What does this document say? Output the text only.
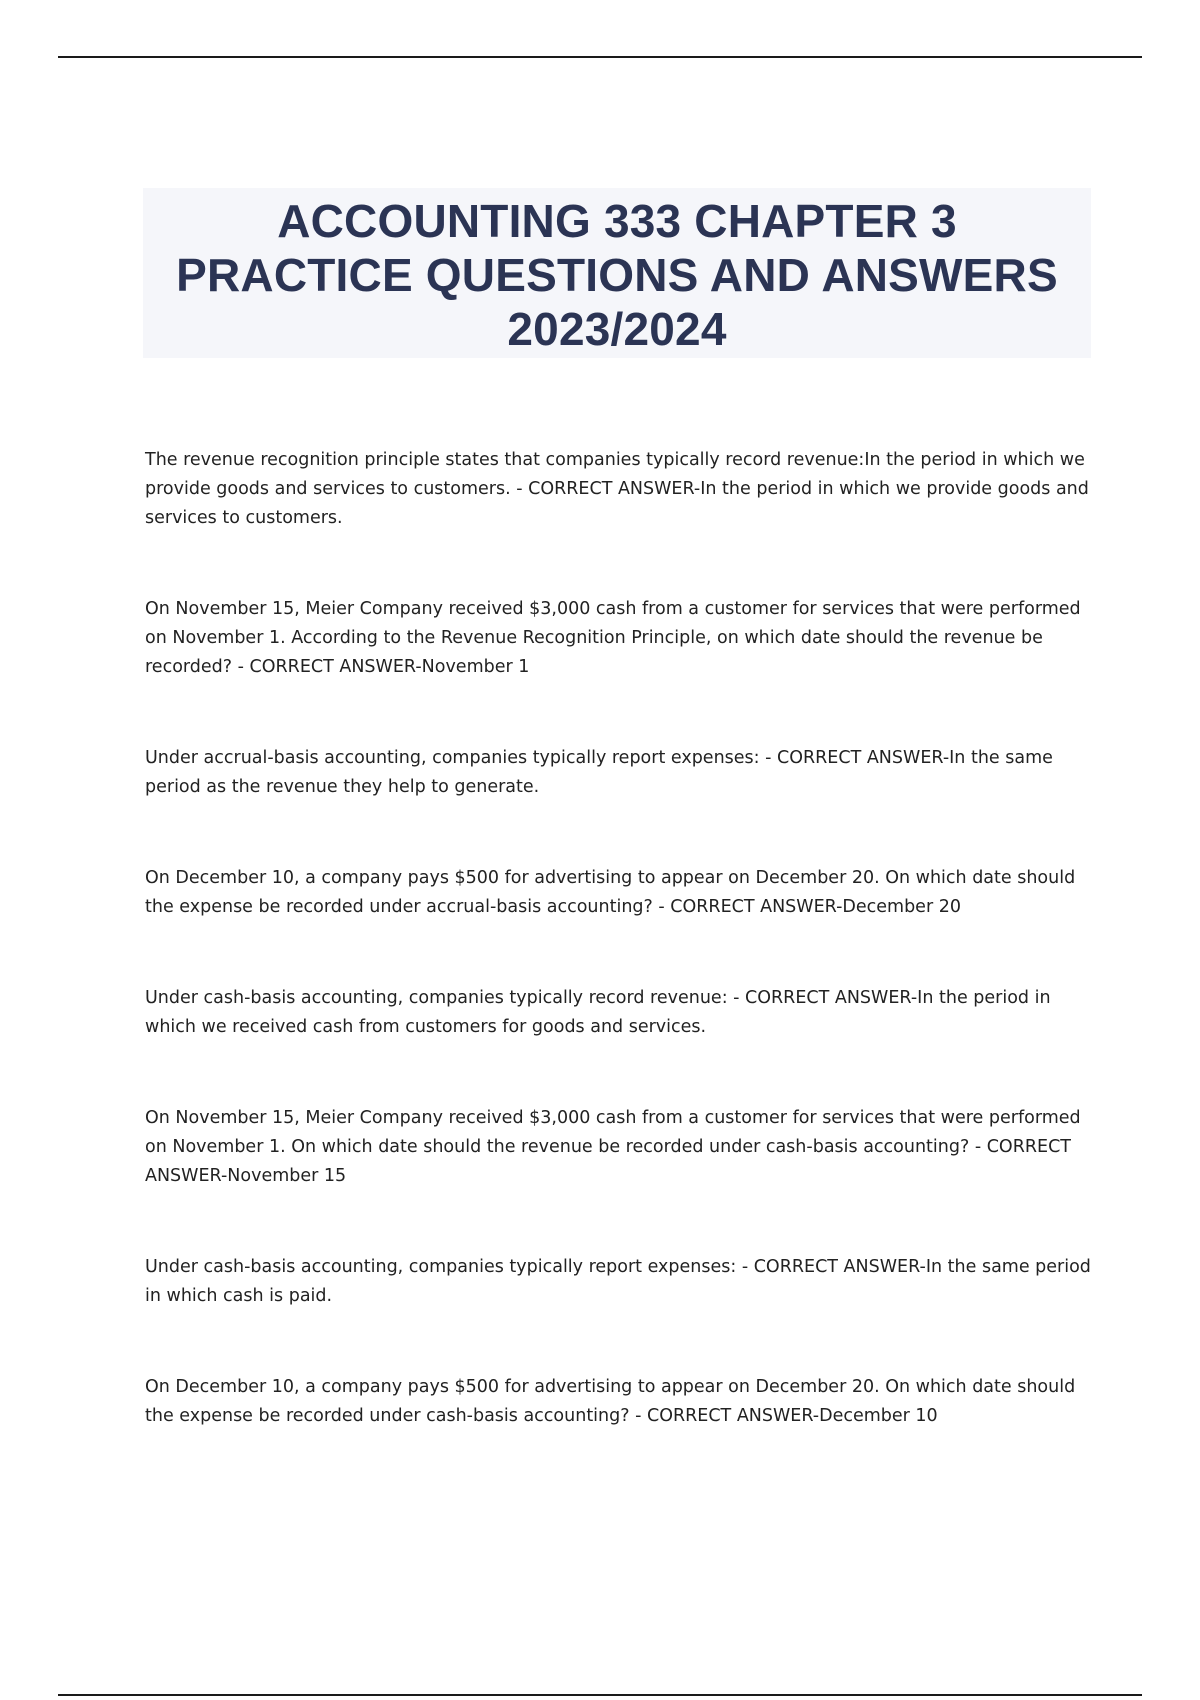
ACCOUNTING 333 CHAPTER 3
PRACTICE QUESTIONS AND ANSWERS
2023/2024

The revenue recognition principle states that companies typically record revenue:In the period in which we provide goods and services to customers. - CORRECT ANSWER-In the period in which we provide goods and services to customers.

On November 15, Meier Company received $3,000 cash from a customer for services that were performed on November 1. According to the Revenue Recognition Principle, on which date should the revenue be recorded? - CORRECT ANSWER-November 1

Under accrual-basis accounting, companies typically report expenses: - CORRECT ANSWER-In the same period as the revenue they help to generate.

On December 10, a company pays $500 for advertising to appear on December 20. On which date should the expense be recorded under accrual-basis accounting? - CORRECT ANSWER-December 20

Under cash-basis accounting, companies typically record revenue: - CORRECT ANSWER-In the period in which we received cash from customers for goods and services.

On November 15, Meier Company received $3,000 cash from a customer for services that were performed on November 1. On which date should the revenue be recorded under cash-basis accounting? - CORRECT ANSWER-November 15

Under cash-basis accounting, companies typically report expenses: - CORRECT ANSWER-In the same period in which cash is paid.

On December 10, a company pays $500 for advertising to appear on December 20. On which date should the expense be recorded under cash-basis accounting? - CORRECT ANSWER-December 10
